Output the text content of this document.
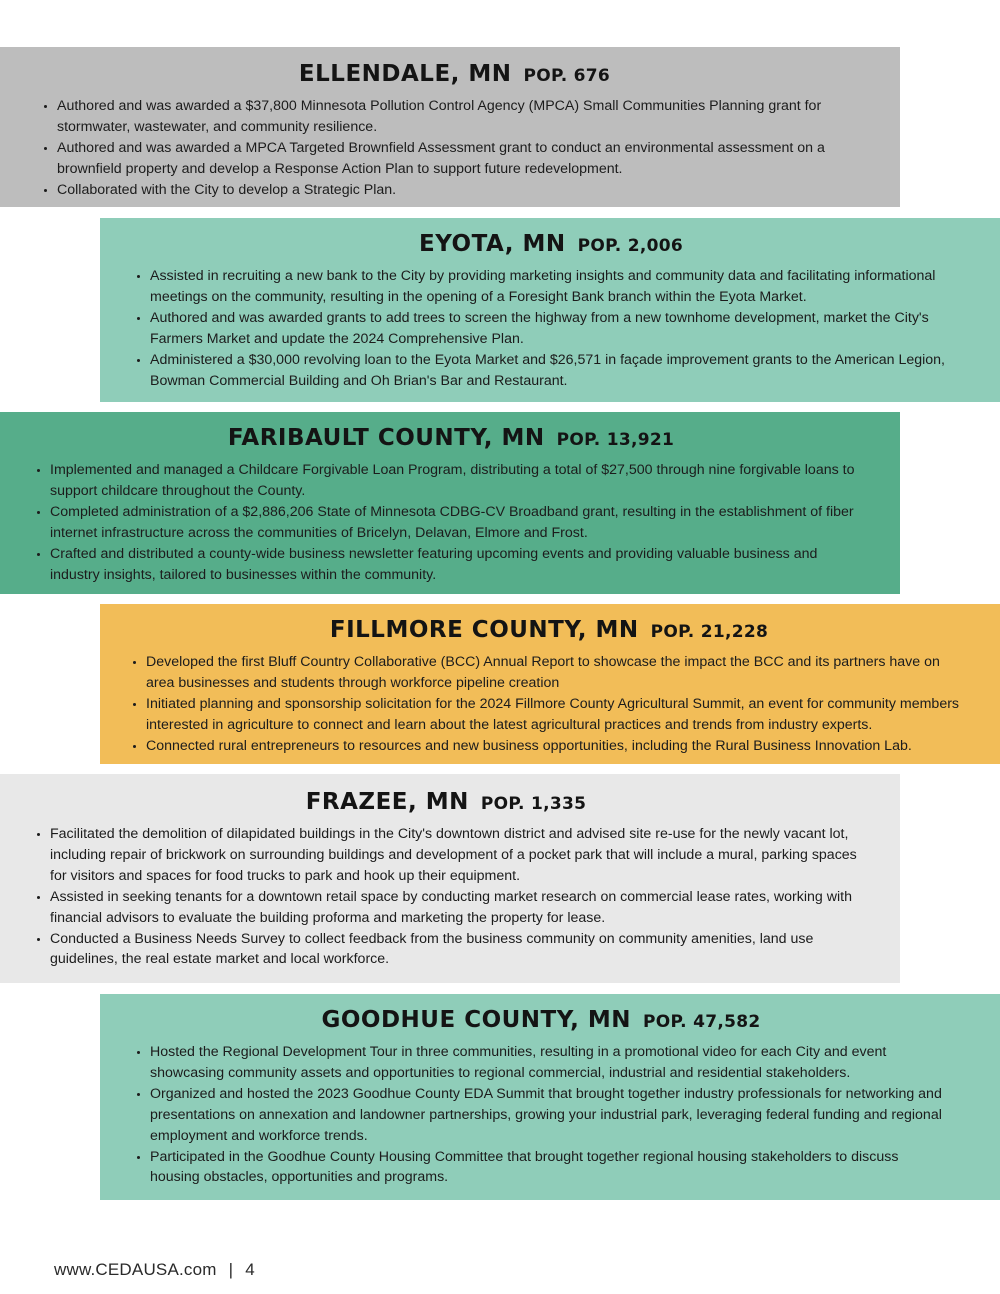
ELLENDALE, MN POP. 676
• Authored and was awarded a $37,800 Minnesota Pollution Control Agency (MPCA) Small Communities Planning grant for stormwater, wastewater, and community resilience.
• Authored and was awarded a MPCA Targeted Brownfield Assessment grant to conduct an environmental assessment on a brownfield property and develop a Response Action Plan to support future redevelopment.
• Collaborated with the City to develop a Strategic Plan.
EYOTA, MN POP. 2,006
• Assisted in recruiting a new bank to the City by providing marketing insights and community data and facilitating informational meetings on the community, resulting in the opening of a Foresight Bank branch within the Eyota Market.
• Authored and was awarded grants to add trees to screen the highway from a new townhome development, market the City's Farmers Market and update the 2024 Comprehensive Plan.
• Administered a $30,000 revolving loan to the Eyota Market and $26,571 in façade improvement grants to the American Legion, Bowman Commercial Building and Oh Brian's Bar and Restaurant.
FARIBAULT COUNTY, MN POP. 13,921
• Implemented and managed a Childcare Forgivable Loan Program, distributing a total of $27,500 through nine forgivable loans to support childcare throughout the County.
• Completed administration of a $2,886,206 State of Minnesota CDBG-CV Broadband grant, resulting in the establishment of fiber internet infrastructure across the communities of Bricelyn, Delavan, Elmore and Frost.
• Crafted and distributed a county-wide business newsletter featuring upcoming events and providing valuable business and industry insights, tailored to businesses within the community.
FILLMORE COUNTY, MN POP. 21,228
• Developed the first Bluff Country Collaborative (BCC) Annual Report to showcase the impact the BCC and its partners have on area businesses and students through workforce pipeline creation
• Initiated planning and sponsorship solicitation for the 2024 Fillmore County Agricultural Summit, an event for community members interested in agriculture to connect and learn about the latest agricultural practices and trends from industry experts.
• Connected rural entrepreneurs to resources and new business opportunities, including the Rural Business Innovation Lab.
FRAZEE, MN POP. 1,335
• Facilitated the demolition of dilapidated buildings in the City's downtown district and advised site re-use for the newly vacant lot, including repair of brickwork on surrounding buildings and development of a pocket park that will include a mural, parking spaces for visitors and spaces for food trucks to park and hook up their equipment.
• Assisted in seeking tenants for a downtown retail space by conducting market research on commercial lease rates, working with financial advisors to evaluate the building proforma and marketing the property for lease.
• Conducted a Business Needs Survey to collect feedback from the business community on community amenities, land use guidelines, the real estate market and local workforce.
GOODHUE COUNTY, MN POP. 47,582
• Hosted the Regional Development Tour in three communities, resulting in a promotional video for each City and event showcasing community assets and opportunities to regional commercial, industrial and residential stakeholders.
• Organized and hosted the 2023 Goodhue County EDA Summit that brought together industry professionals for networking and presentations on annexation and landowner partnerships, growing your industrial park, leveraging federal funding and regional employment and workforce trends.
• Participated in the Goodhue County Housing Committee that brought together regional housing stakeholders to discuss housing obstacles, opportunities and programs.
www.CEDAUSA.com | 4
